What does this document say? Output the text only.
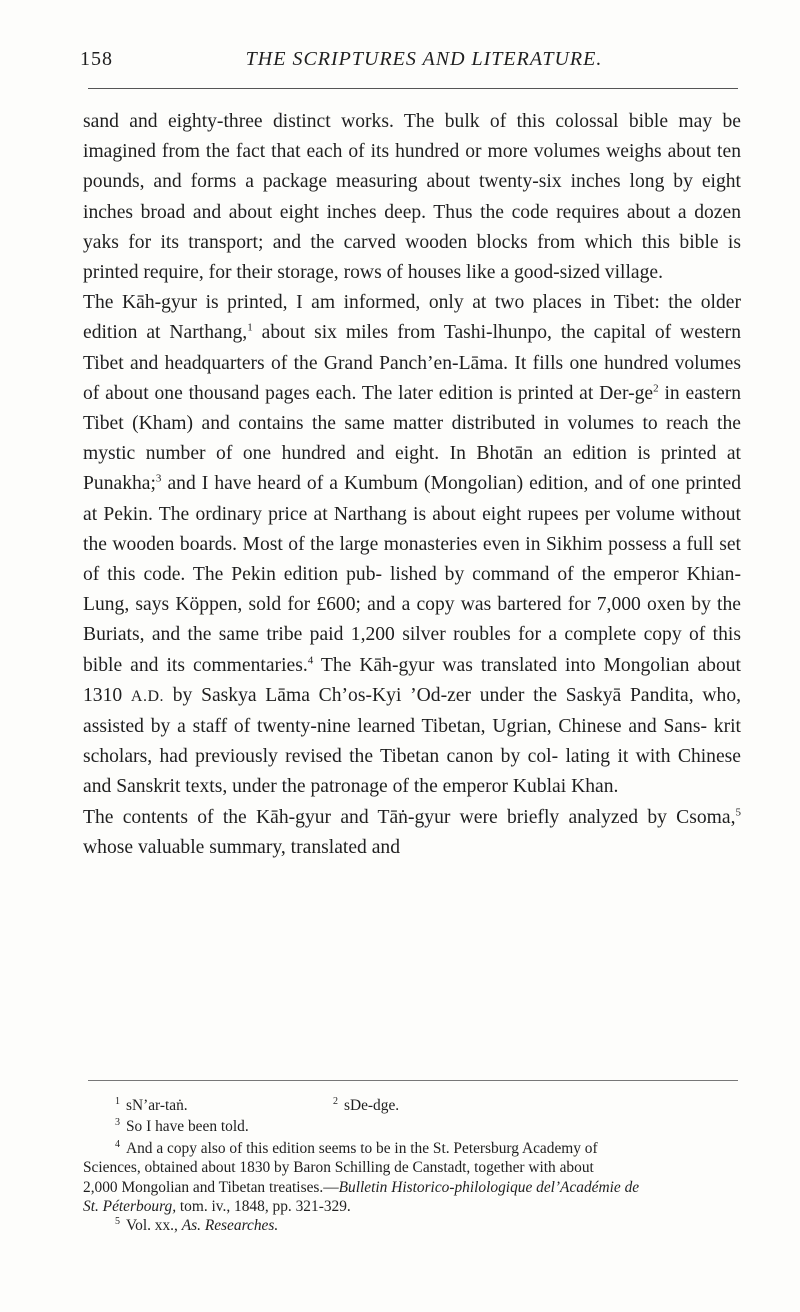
158	THE SCRIPTURES AND LITERATURE.

sand and eighty-three distinct works. The bulk of this colossal bible may be imagined from the fact that each of its hundred or more volumes weighs about ten pounds, and forms a package measuring about twenty-six inches long by eight inches broad and about eight inches deep. Thus the code requires about a dozen yaks for its transport; and the carved wooden blocks from which this bible is printed require, for their storage, rows of houses like a good-sized village.

The Kāh-gyur is printed, I am informed, only at two places in Tibet: the older edition at Narthang,$^1$ about six miles from Tashi-lhunpo, the capital of western Tibet and headquarters of the Grand Panch’en-Lāma. It fills one hundred volumes of about one thousand pages each. The later edition is printed at Der-$ge^2$ in eastern Tibet (Kham) and contains the same matter distributed in volumes to reach the mystic number of one hundred and eight. In Bhotān an edition is printed at Punakha;$^3$ and I have heard of a Kumbum (Mongolian) edition, and of one printed at Pekin. The ordinary price at Narthang is about eight rupees per volume without the wooden boards. Most of the large monasteries even in Sikhim possess a full set of this code. The Pekin edition pub- lished by command of the emperor Khian-Lung, says Köppen, sold for £600; and a copy was bartered for 7,000 oxen by the Buriats, and the same tribe paid 1,200 silver roubles for a complete copy of this bible and its commentaries.$^4$ The Kāh-gyur was translated into Mongolian about 1310 A.D. by Saskya Lāma Ch’os-Kyi ’Od-zer under the Saskyā Pandita, who, assisted by a staff of twenty-nine learned Tibetan, Ugrian, Chinese and Sans- krit scholars, had previously revised the Tibetan canon by col- lating it with Chinese and Sanskrit texts, under the patronage of the emperor Kublai Khan.

The contents of the Kāh-gyur and Tāṅ-gyur were briefly analyzed by Csoma,$^5$ whose valuable summary, translated and

$^1$ sN’ar-taṅ.	$^2$ sDe-dge.

$^3$ So I have been told.

$^4$ And a copy also of this edition seems to be in the St. Petersburg Academy of

Sciences, obtained about 1830 by Baron Schilling de Canstadt, together with about

2,000 Mongolian and Tibetan treatises.—Bulletin Historico-philologique del’Académie de

St. Péterbourg, tom. iv., 1848, pp. 321-329.

$^5$ Vol. xx., As. Researches.
